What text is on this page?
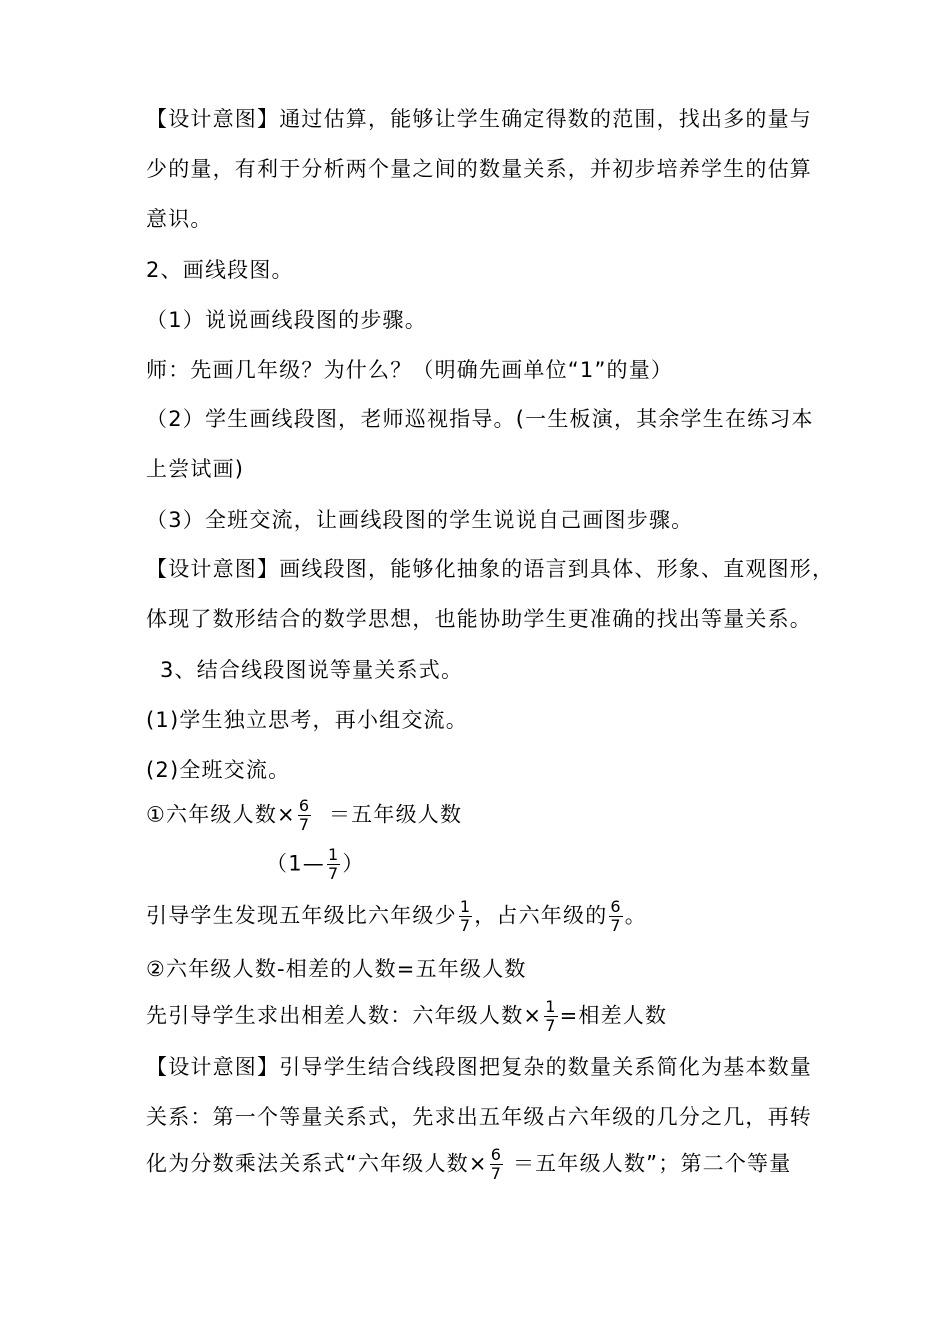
【设计意图】通过估算，能够让学生确定得数的范围，找出多的量与
少的量，有利于分析两个量之间的数量关系，并初步培养学生的估算
意识。
2、画线段图。
（1）说说画线段图的步骤。
师：先画几年级？为什么？（明确先画单位“1”的量）
（2）学生画线段图，老师巡视指导。(一生板演，其余学生在练习本
上尝试画)
（3）全班交流，让画线段图的学生说说自己画图步骤。
【设计意图】画线段图，能够化抽象的语言到具体、形象、直观图形，
体现了数形结合的数学思想，也能协助学生更准确的找出等量关系。
3、结合线段图说等量关系式。
(1)学生独立思考，再小组交流。
(2)全班交流。
①六年级人数× $\frac{6}{7}$ ＝五年级人数
（1— $\frac{1}{7}$ ）
引导学生发现五年级比六年级少 $\frac{1}{7}$ ，占六年级的 $\frac{6}{7}$ 。
②六年级人数-相差的人数=五年级人数
先引导学生求出相差人数：六年级人数× $\frac{1}{7}$ =相差人数
【设计意图】引导学生结合线段图把复杂的数量关系简化为基本数量
关系：第一个等量关系式，先求出五年级占六年级的几分之几，再转
化为分数乘法关系式“六年级人数× $\frac{6}{7}$ ＝五年级人数”；第二个等量
